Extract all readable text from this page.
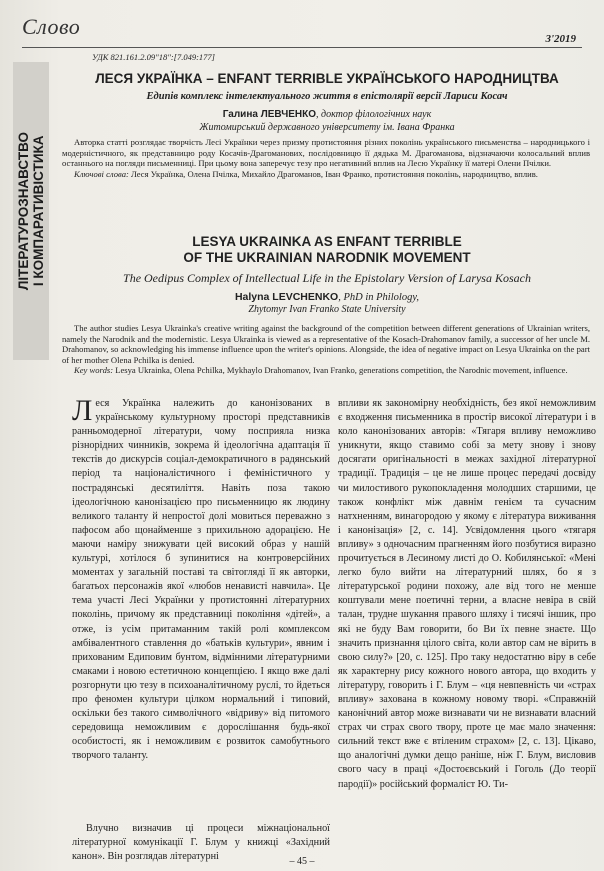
Слово	3'2019
ЛІТЕРАТУРОЗНАВСТВО
І КОМПАРАТИВІСТИКА
УДК 821.161.2.09"18":[7.049:177]
ЛЕСЯ УКРАЇНКА – ENFANT TERRIBLE УКРАЇНСЬКОГО НАРОДНИЦТВА
Едипів комплекс інтелектуального життя в епістолярії версії Лариси Косач
Галина ЛЕВЧЕНКО, доктор філологічних наук
Житомирський державного університету ім. Івана Франка
Авторка статті розглядає творчість Лесі Українки через призму протистояння різних поколінь українського письменства – народницького і модерністичного, як представницю роду Косачів-Драгоманових, послідовницю її дядька М. Драгоманова, відзначаючи колосальний вплив останнього на погляди письменниці. При цьому вона заперечує тезу про негативний вплив на Лесю Українку її матері Олени Пчілки.
Ключові слова: Леся Українка, Олена Пчілка, Михайло Драгоманов, Іван Франко, протистояння поколінь, народництво, вплив.
LESYA UKRAINKA AS ENFANT TERRIBLE
OF THE UKRAINIAN NARODNIK MOVEMENT
The Oedipus Complex of Intellectual Life in the Epistolary Version of Larysa Kosach
Halyna LEVCHENKO, PhD in Philology,
Zhytomyr Ivan Franko State University
The author studies Lesya Ukrainka's creative writing against the background of the competition between different generations of Ukrainian writers, namely the Narodnik and the modernistic. Lesya Ukrainka is viewed as a representative of the Kosach-Drahomanov family, a successor of her uncle M. Drahomanov, so acknowledging his immense influence upon the writer's opinions. Alongside, the idea of negative impact on Lesya Ukrainka on the part of her mother Olena Pchilka is denied.
Key words: Lesya Ukrainka, Olena Pchilka, Mykhaylo Drahomanov, Ivan Franko, generations competition, the Narodnic movement, influence.
Леся Українка належить до канонізованих в українському культурному просторі представників ранньомодерної літератури, чому посприяла низка різнорідних чинників, зокрема й ідеологічна адаптація її текстів до дискурсів соціал-демократичного в радянський період та націоналістичного і феміністичного у пострадянські десятиліття. Навіть поза такою ідеологічною канонізацією про письменницю як людину великого таланту й непростої долі мовиться переважно з пафосом або щонайменше з прихильною адорацією. Не маючи наміру знижувати цей високий образ у нашій культурі, хотілося б зупинитися на контроверсійних моментах у загальній поставі та світогляді її як авторки, багатьох персонажів якої «любов ненависті навчила». Це тема участі Лесі Українки у протистоянні літературних поколінь, причому як представниці покоління «дітей», а отже, із усім притаманним такій ролі комплексом амбівалентного ставлення до «батьків культури», явним і прихованим Едиповим бунтом, відмінними літературними смаками і новою естетичною концепцією. І якщо вже далі розгорнути цю тезу в психоаналітичному руслі, то йдеться про феномен культури цілком нормальний і типовий, оскільки без такого символічного «відриву» від питомого середовища неможливим є дорослішання будь-якої особистості, як і неможливим є розвиток самобутнього творчого таланту.
Влучно визначив ці процеси міжнаціональної літературної комунікації Г. Блум у книжці «Західний канон». Він розглядав літературні
впливи як закономірну необхідність, без якої неможливим є входження письменника в простір високої літератури і в коло канонізованих авторів: «Тягаря впливу неможливо уникнути, якщо ставимо собі за мету знову і знову досягати оригінальності в межах західної літературної традиції. Традиція – це не лише процес передачі досвіду чи милостивого рукопокладення молодших старшими, це також конфлікт між давнім генієм та сучасним натхненням, винагородою у якому є література виживання і канонізація» [2, с. 14]. Усвідомлення цього «тягаря впливу» з одночасним прагненням його позбутися виразно прочитується в Лесиному листі до О. Кобилянської: «Мені легко було вийти на літературний шлях, бо я з літературської родини похожу, але від того не менше коштували мене поетичні терни, а власне невіра в свій талан, трудне шукання правого шляху і тисячі іншик, про які не буду Вам говорити, бо Ви їх певне знаєте. Що значить признання цілого світа, коли автор сам не вірить в свою силу?» [20, с. 125]. Про таку недостатню віру в себе як характерну рису кожного нового автора, що входить у літературу, говорить і Г. Блум – «ця невпевність чи «страх впливу» захована в кожному новому творі. «Справжній канонічний автор може визнавати чи не визнавати власний страх чи страх свого твору, проте це має мало значення: сильний текст вже є втіленим страхом» [2, с. 13]. Цікаво, що аналогічні думки дещо раніше, ніж Г. Блум, висловив свого часу в праці «Достоєвський і Гоголь (До теорії пародії)» російський формаліст Ю. Ти-
– 45 –
